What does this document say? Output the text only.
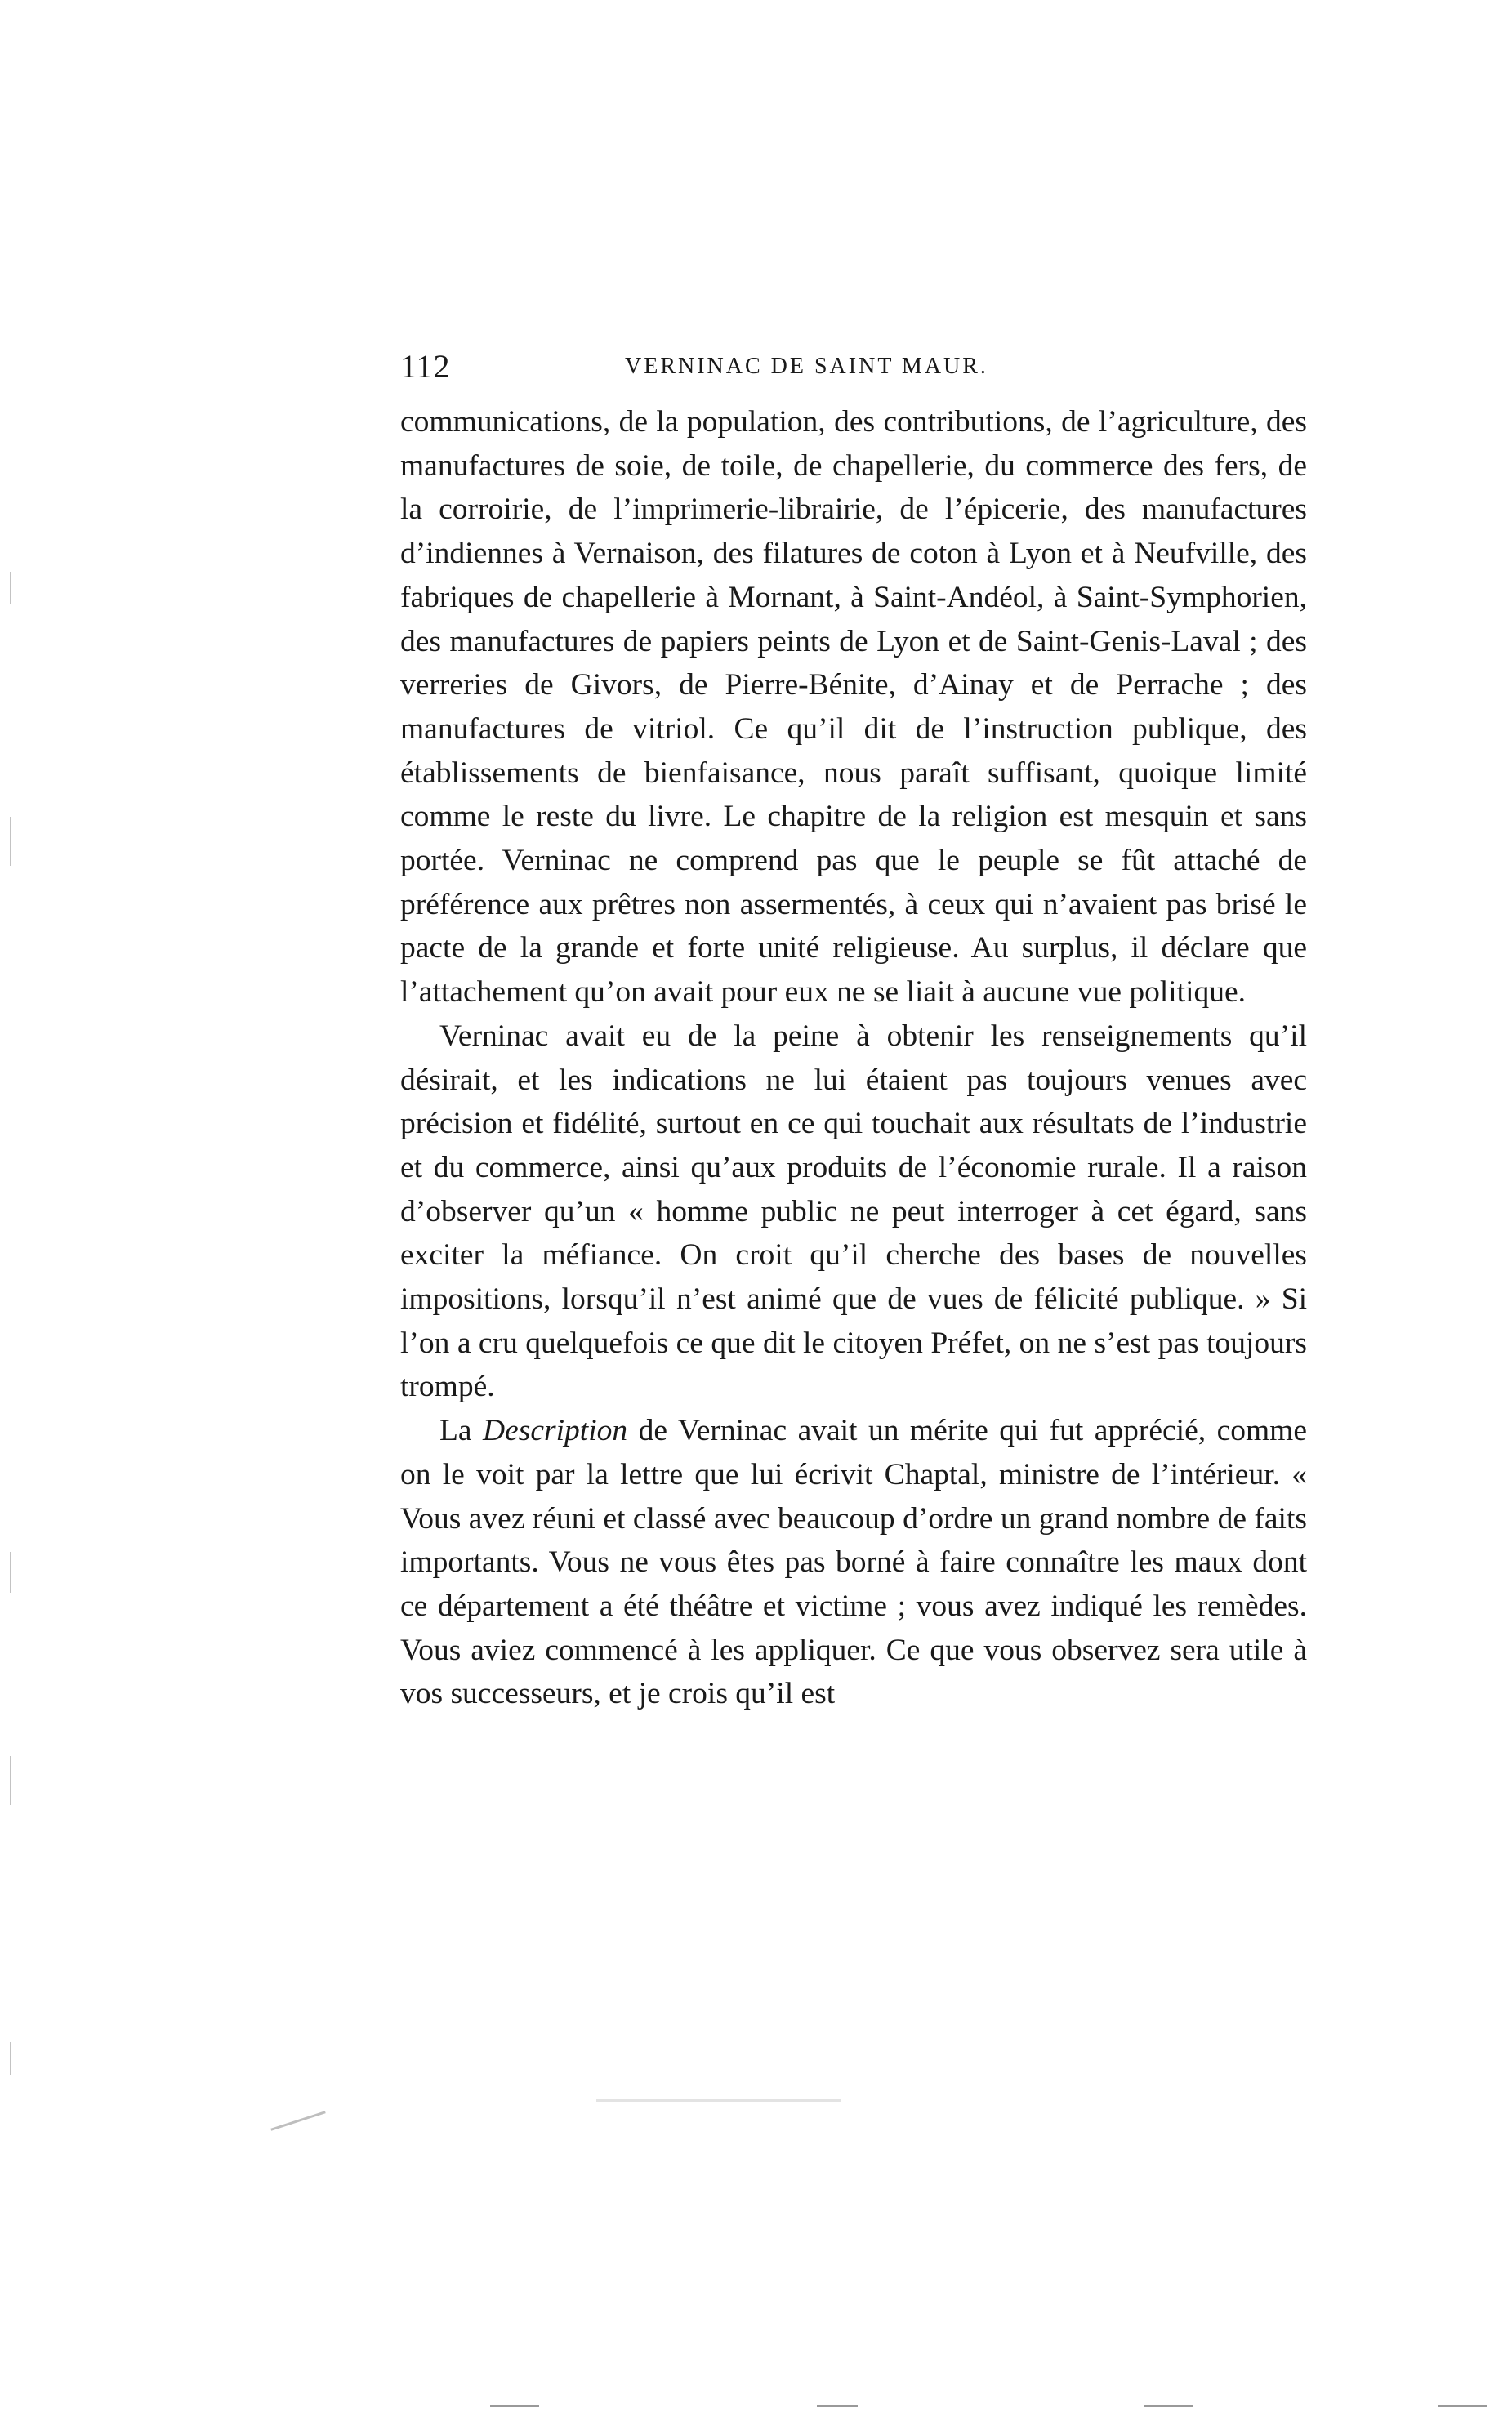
112	VERNINAC DE SAINT MAUR.

communications, de la population, des contributions, de l’agriculture, des manufactures de soie, de toile, de chapellerie, du commerce des fers, de la corroirie, de l’imprimerie-librairie, de l’épicerie, des manufactures d’indiennes à Vernaison, des filatures de coton à Lyon et à Neufville, des fabriques de chapellerie à Mornant, à Saint-Andéol, à Saint-Symphorien, des manufactures de papiers peints de Lyon et de Saint-Genis-Laval ; des verreries de Givors, de Pierre-Bénite, d’Ainay et de Perrache ; des manufactures de vitriol. Ce qu’il dit de l’instruction publique, des établissements de bienfaisance, nous paraît suffisant, quoique limité comme le reste du livre. Le chapitre de la religion est mesquin et sans portée. Verninac ne comprend pas que le peuple se fût attaché de préférence aux prêtres non assermentés, à ceux qui n’avaient pas brisé le pacte de la grande et forte unité religieuse. Au surplus, il déclare que l’attachement qu’on avait pour eux ne se liait à aucune vue politique.

Verninac avait eu de la peine à obtenir les renseignements qu’il désirait, et les indications ne lui étaient pas toujours venues avec précision et fidélité, surtout en ce qui touchait aux résultats de l’industrie et du commerce, ainsi qu’aux produits de l’économie rurale. Il a raison d’observer qu’un « homme public ne peut interroger à cet égard, sans exciter la méfiance. On croit qu’il cherche des bases de nouvelles impositions, lorsqu’il n’est animé que de vues de félicité publique. » Si l’on a cru quelquefois ce que dit le citoyen Préfet, on ne s’est pas toujours trompé.

La Description de Verninac avait un mérite qui fut apprécié, comme on le voit par la lettre que lui écrivit Chaptal, ministre de l’intérieur. « Vous avez réuni et classé avec beaucoup d’ordre un grand nombre de faits importants. Vous ne vous êtes pas borné à faire connaître les maux dont ce département a été théâtre et victime ; vous avez indiqué les remèdes. Vous aviez commencé à les appliquer. Ce que vous observez sera utile à vos successeurs, et je crois qu’il est
